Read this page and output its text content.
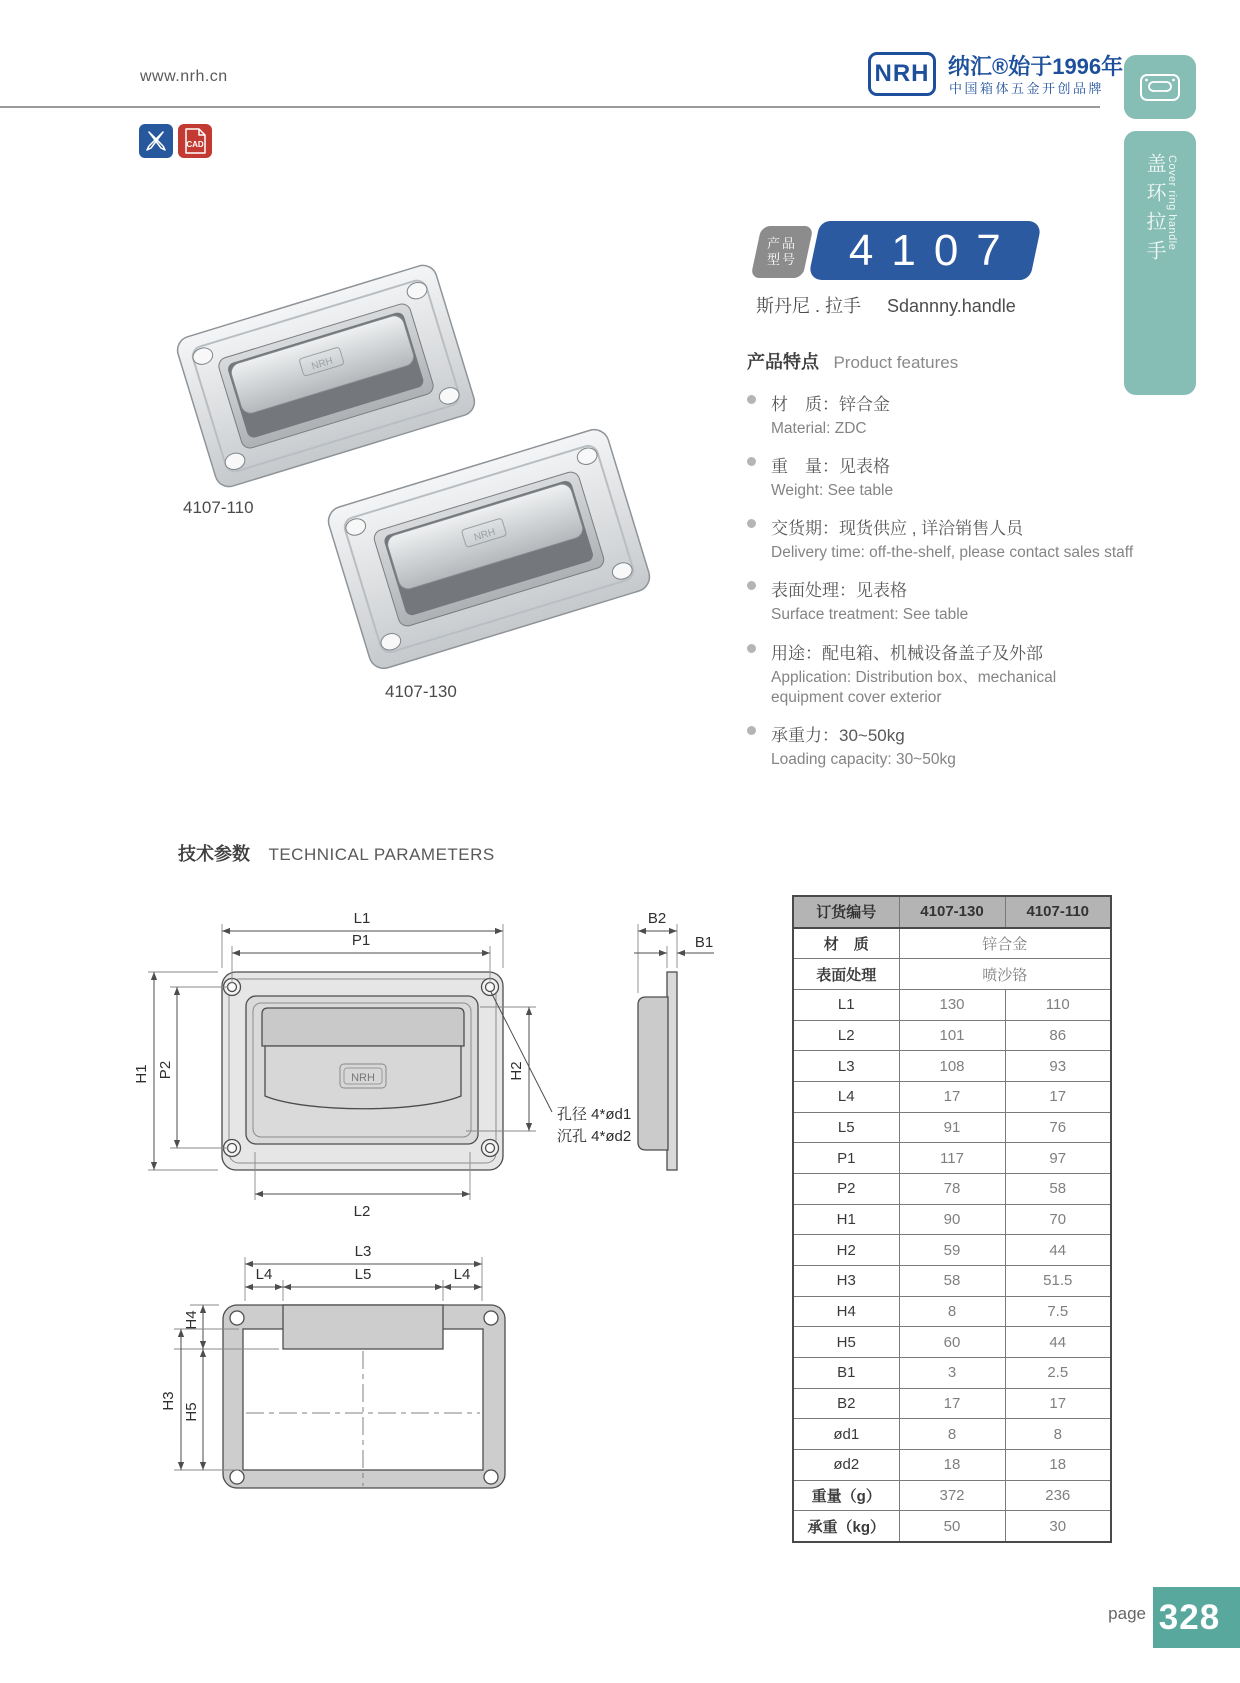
www.nrh.cn	NRH 纳汇®始于1996年
中国箱体五金开创品牌
盖环拉手 Cover ring handle
CAD
NRH
NRH
4107-110
4107-130
产品
型号	4107
斯丹尼 . 拉手 Sdannny.handle
产品特点 Product features
材　质：锌合金
Material: ZDC
重　量：见表格
Weight: See table
交货期：现货供应 , 详洽销售人员
Delivery time: off-the-shelf, please contact sales staff
表面处理：见表格
Surface treatment: See table
用途：配电箱、机械设备盖子及外部
Application: Distribution box、mechanical equipment cover exterior
承重力：30~50kg
Loading capacity: 30~50kg
技术参数 TECHNICAL PARAMETERS
NRH
L1
P1
H1 P2	H2
L2
孔径 4*ød1
沉孔 4*ød2
B2
B1
L3
L4	L5	L4
H4
H3
H5
订货编号	4107-130	4107-110
材　质	锌合金	
表面处理	喷沙铬	
L1	130	110
L2	101	86
L3	108	93
L4	17	17
L5	91	76
P1	117	97
P2	78	58
H1	90	70
H2	59	44
H3	58	51.5
H4	8	7.5
H5	60	44
B1	3	2.5
B2	17	17
ød1	8	8
ød2	18	18
重量（g）	372	236
承重（kg）	50	30
page 328
